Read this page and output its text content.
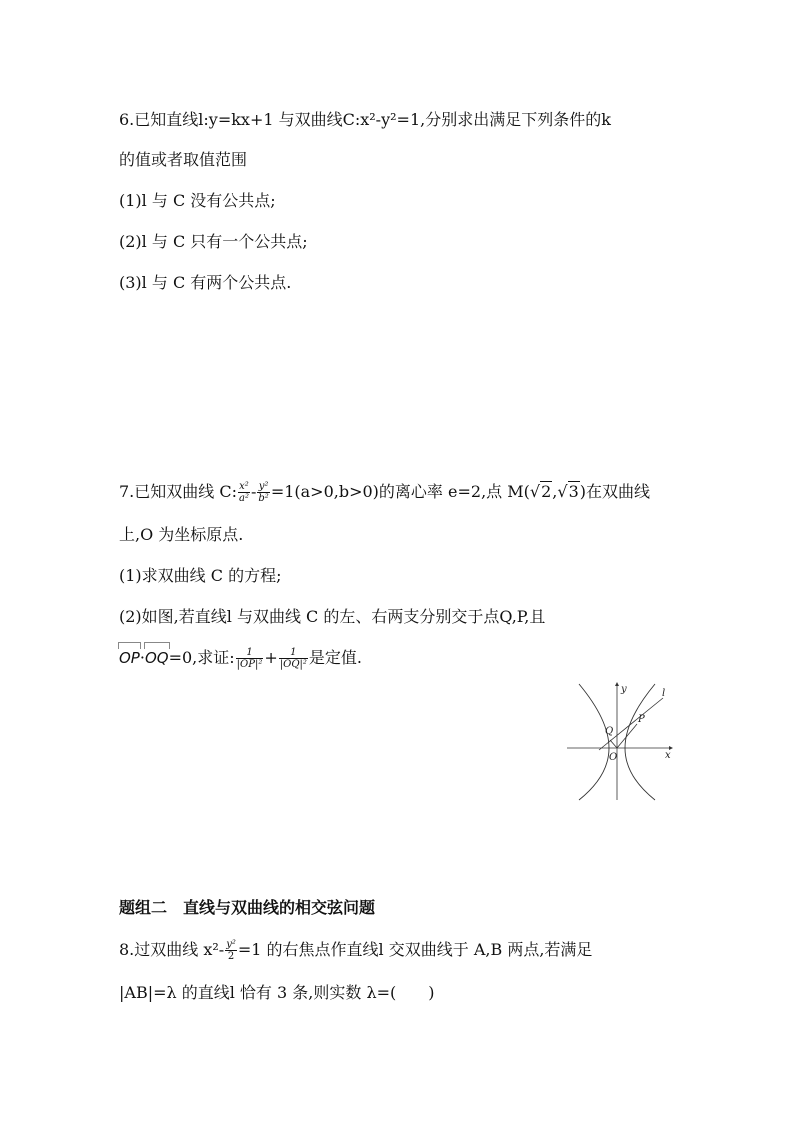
6.已知直线l:y=kx+1 与双曲线C:x²-y²=1,分别求出满足下列条件的k
的值或者取值范围
(1)l 与 C 没有公共点;
(2)l 与 C 只有一个公共点;
(3)l 与 C 有两个公共点.
7.已知双曲线 C: $\frac{\text{x²}}{\text{a²}} - \frac{\text{y²}}{\text{b²}} =1(a>0,b>0)$的离心率 e=2,点 M(√2,√3)在双曲线
上,O 为坐标原点.
(1)求双曲线 C 的方程;
(2)如图,若直线l 与双曲线 C 的左、右两支分别交于点Q,P,且
OP·OQ=0,求证: $\frac{1}{\text{|OP|²}} + \frac{1}{\text{|OQ|²}}$ 是定值.
y
x
l
P
Q
O
题组二　直线与双曲线的相交弦问题
8.过双曲线 $x^2- \frac{\text{y²}}{2} =1$ 的右焦点作直线l 交双曲线于 A,B 两点,若满足
|AB|=λ 的直线l 恰有 3 条,则实数 λ=(　　)
